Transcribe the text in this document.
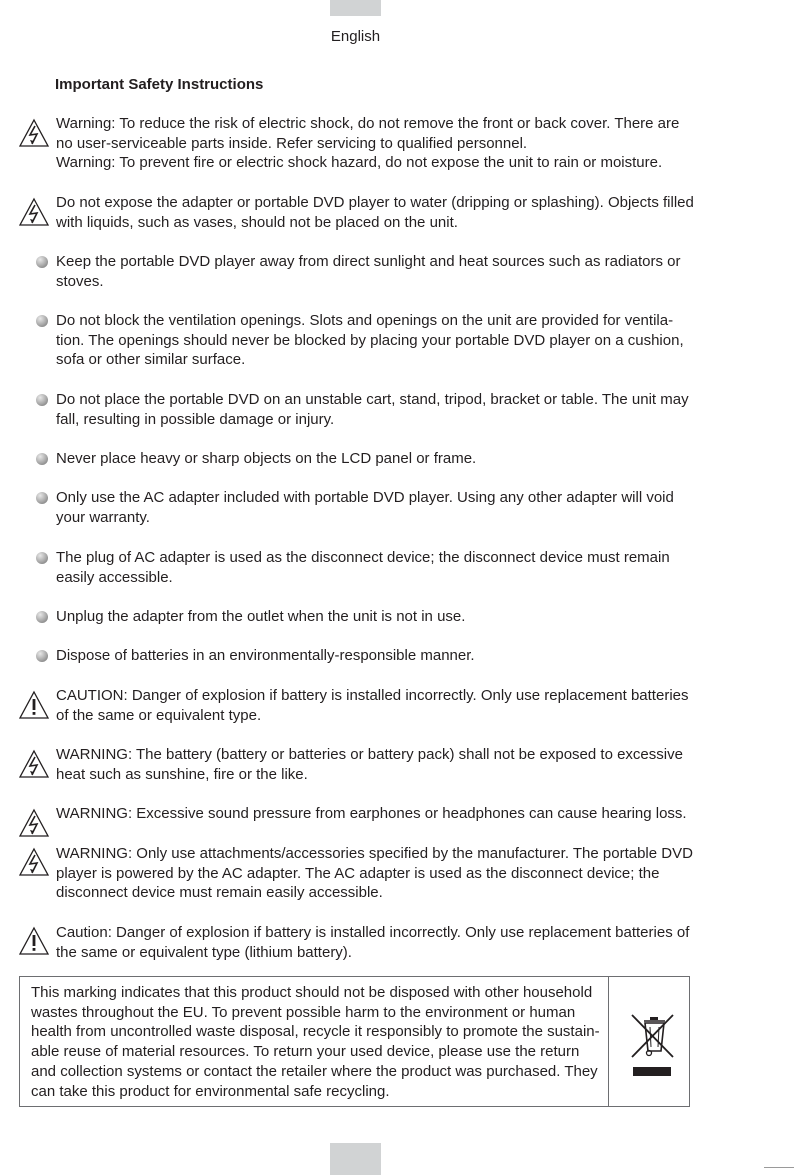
English
Important Safety Instructions
Warning: To reduce the risk of electric shock, do not remove the front or back cover. There are no user-serviceable parts inside. Refer servicing to qualified personnel.
Warning: To prevent fire or electric shock hazard, do not expose the unit to rain or moisture.
Do not expose the adapter or portable DVD player to water (dripping or splashing). Objects filled with liquids, such as vases, should not be placed on the unit.
Keep the portable DVD player away from direct sunlight and heat sources such as radiators or stoves.
Do not block the ventilation openings. Slots and openings on the unit are provided for ventila-tion. The openings should never be blocked by placing your portable DVD player on a cushion, sofa or other similar surface.
Do not place the portable DVD on an unstable cart, stand, tripod, bracket or table. The unit may fall, resulting in possible damage or injury.
Never place heavy or sharp objects on the LCD panel or frame.
Only use the AC adapter included with portable DVD player. Using any other adapter will void your warranty.
The plug of AC adapter is used as the disconnect device; the disconnect device must remain easily accessible.
Unplug the adapter from the outlet when the unit is not in use.
Dispose of batteries in an environmentally-responsible manner.
CAUTION: Danger of explosion if battery is installed incorrectly. Only use replacement batteries of the same or equivalent type.
WARNING: The battery (battery or batteries or battery pack) shall not be exposed to excessive heat such as sunshine, fire or the like.
WARNING: Excessive sound pressure from earphones or headphones can cause hearing loss.
WARNING: Only use attachments/accessories specified by the manufacturer. The portable DVD player is powered by the AC adapter. The AC adapter is used as the disconnect device; the disconnect device must remain easily accessible.
Caution: Danger of explosion if battery is installed incorrectly. Only use replacement batteries of the same or equivalent type (lithium battery).
This marking indicates that this product should not be disposed with other household wastes throughout the EU. To prevent possible harm to the environment or human health from uncontrolled waste disposal, recycle it responsibly to promote the sustain-able reuse of material resources. To return your used device, please use the return and collection systems or contact the retailer where the product was purchased. They can take this product for environmental safe recycling.
